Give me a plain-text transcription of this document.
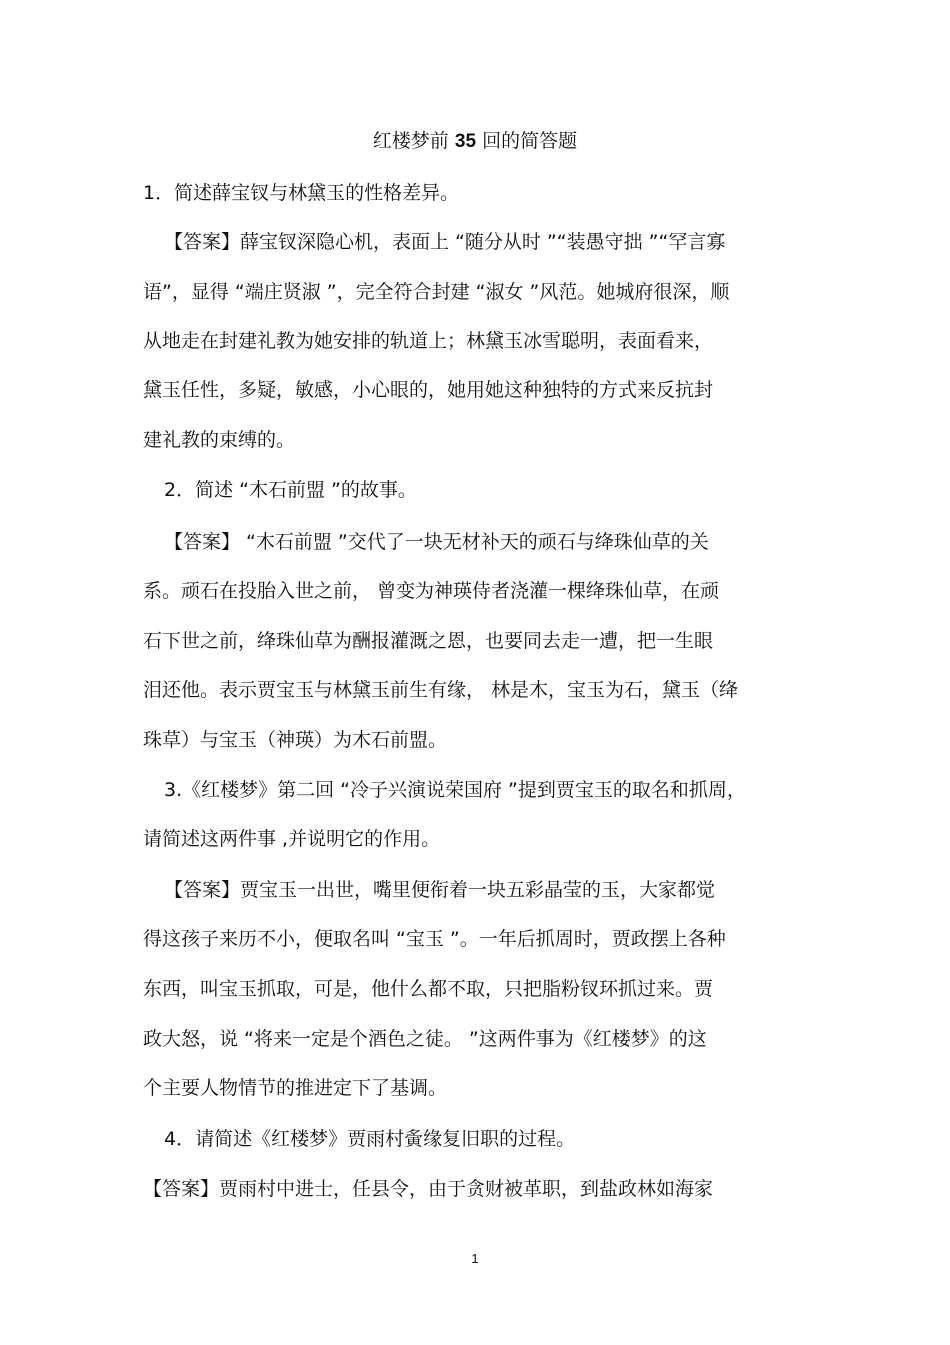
红楼梦前 35 回的简答题
1．简述薛宝钗与林黛玉的性格差异。
【答案】薛宝钗深隐心机，表面上 “随分从时 ”“装愚守拙 ”“罕言寡
语”，显得 “端庄贤淑 ”，完全符合封建 “淑女 ”风范。她城府很深，顺
从地走在封建礼教为她安排的轨道上；林黛玉冰雪聪明，表面看来，
黛玉任性，多疑，敏感，小心眼的，她用她这种独特的方式来反抗封
建礼教的束缚的。
2．简述 “木石前盟 ”的故事。
【答案】 “木石前盟 ”交代了一块无材补天的顽石与绛珠仙草的关
系。顽石在投胎入世之前， 曾变为神瑛侍者浇灌一棵绛珠仙草，在顽
石下世之前，绛珠仙草为酬报灌溉之恩，也要同去走一遭，把一生眼
泪还他。表示贾宝玉与林黛玉前生有缘， 林是木，宝玉为石，黛玉（绛
珠草）与宝玉（神瑛）为木石前盟。
3.《红楼梦》第二回 “冷子兴演说荣国府 ”提到贾宝玉的取名和抓周，
请简述这两件事 ,并说明它的作用。
【答案】贾宝玉一出世，嘴里便衔着一块五彩晶莹的玉，大家都觉
得这孩子来历不小，便取名叫 “宝玉 ”。一年后抓周时，贾政摆上各种
东西，叫宝玉抓取，可是，他什么都不取，只把脂粉钗环抓过来。贾
政大怒，说 “将来一定是个酒色之徒。 ”这两件事为《红楼梦》的这
个主要人物情节的推进定下了基调。
4．请简述《红楼梦》贾雨村夤缘复旧职的过程。
【答案】贾雨村中进士，任县令，由于贪财被革职，到盐政林如海家
1
